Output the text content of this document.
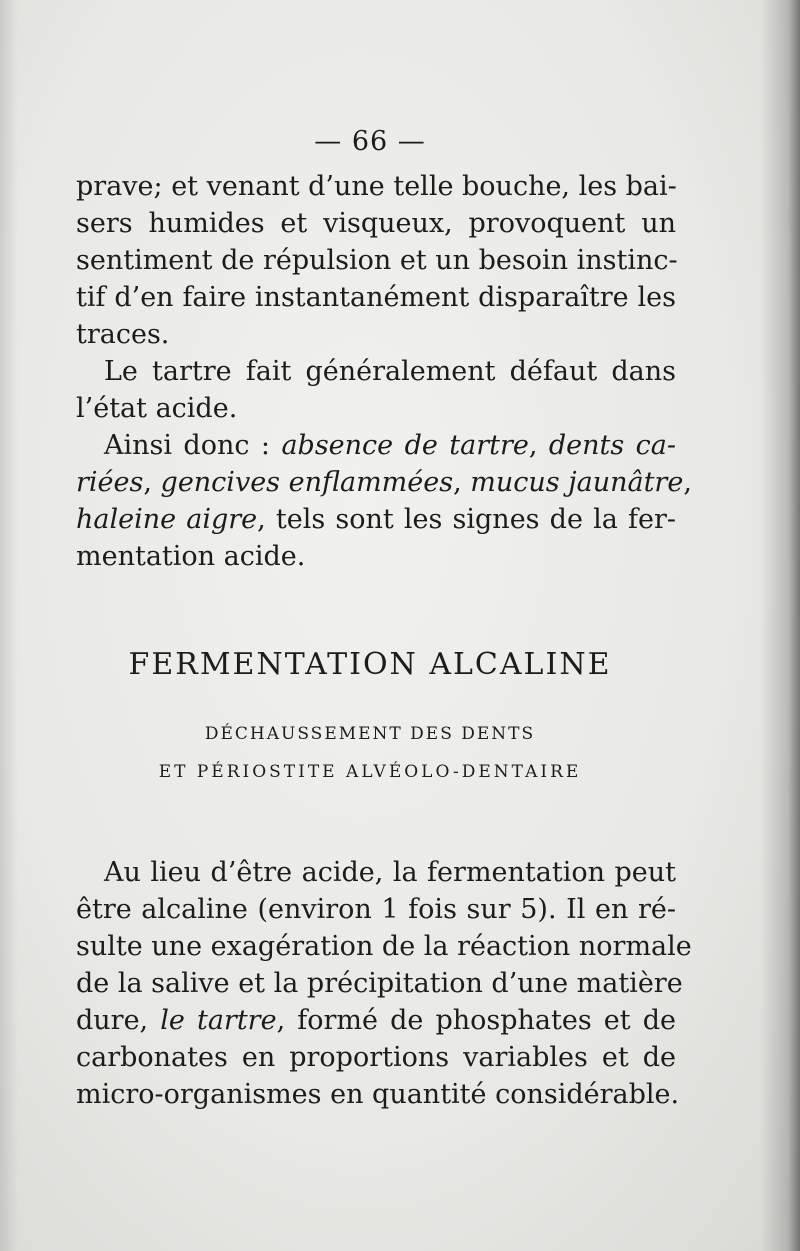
— 66 —
prave; et venant d’une telle bouche, les bai-
sers humides et visqueux, provoquent un
sentiment de répulsion et un besoin instinc-
tif d’en faire instantanément disparaître les
traces.
Le tartre fait généralement défaut dans
l’état acide.
Ainsi donc : absence de tartre, dents ca-
riées, gencives enflammées, mucus jaunâtre,
haleine aigre, tels sont les signes de la fer-
mentation acide.
FERMENTATION ALCALINE
DÉCHAUSSEMENT DES DENTS
ET PÉRIOSTITE ALVÉOLO-DENTAIRE
Au lieu d’être acide, la fermentation peut
être alcaline (environ 1 fois sur 5). Il en ré-
sulte une exagération de la réaction normale
de la salive et la précipitation d’une matière
dure, le tartre, formé de phosphates et de
carbonates en proportions variables et de
micro-organismes en quantité considérable.
